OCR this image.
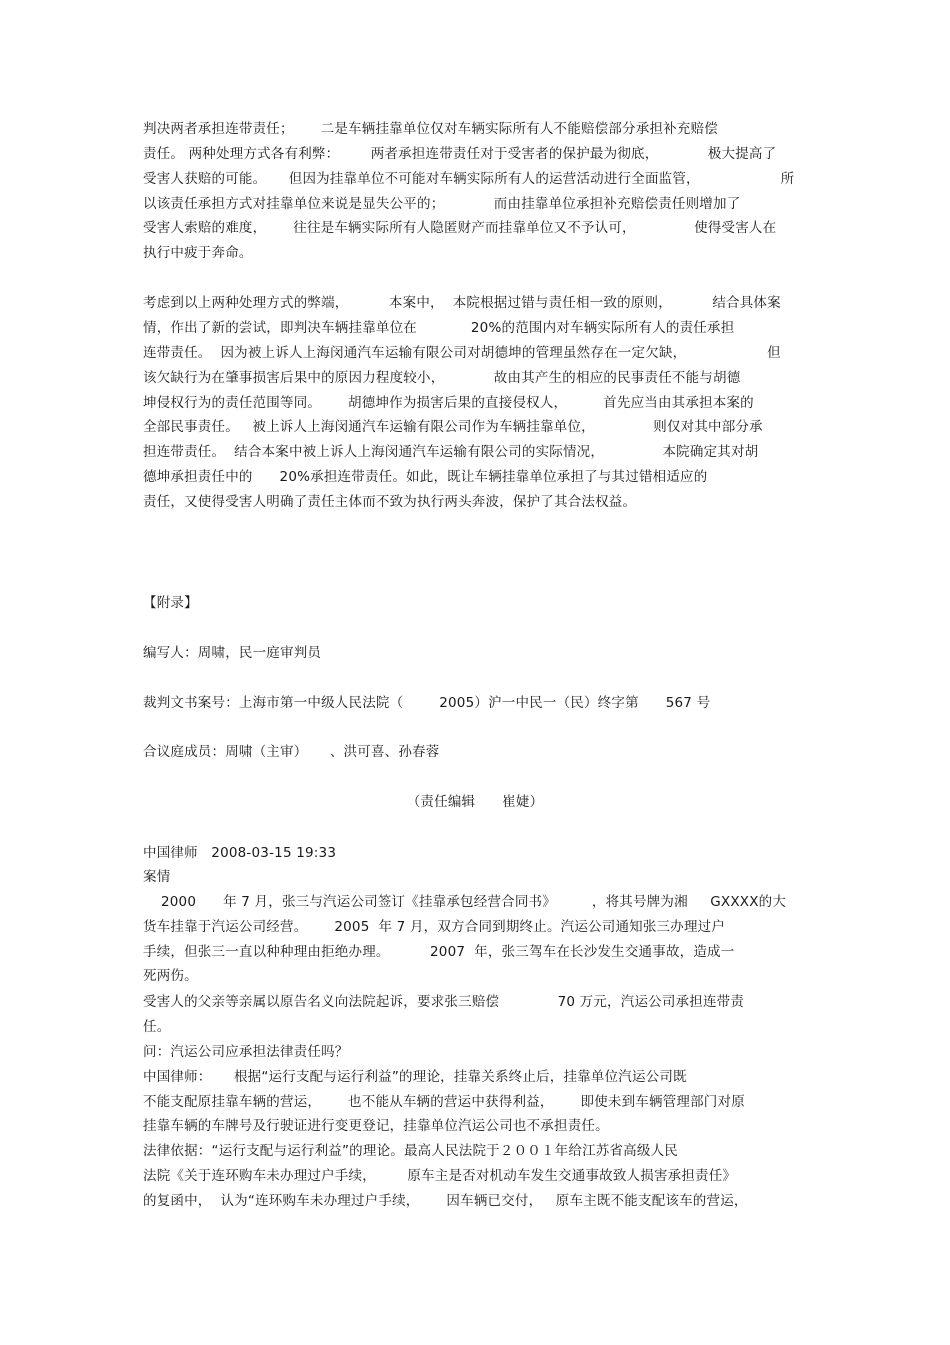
判决两者承担连带责任；      二是车辆挂靠单位仅对车辆实际所有人不能赔偿部分承担补充赔偿
责任。 两种处理方式各有利弊：       两者承担连带责任对于受害者的保护最为彻底，           极大提高了
受害人获赔的可能。     但因为挂靠单位不可能对车辆实际所有人的运营活动进行全面监管，                  所
以该责任承担方式对挂靠单位来说是显失公平的；           而由挂靠单位承担补充赔偿责任则增加了
受害人索赔的难度，      往往是车辆实际所有人隐匿财产而挂靠单位又不予认可，             使得受害人在
执行中疲于奔命。
考虑到以上两种处理方式的弊端，         本案中，  本院根据过错与责任相一致的原则，         结合具体案
情，作出了新的尝试，即判决车辆挂靠单位在            20%的范围内对车辆实际所有人的责任承担
连带责任。  因为被上诉人上海闵通汽车运输有限公司对胡德坤的管理虽然存在一定欠缺，                  但
该欠缺行为在肇事损害后果中的原因力程度较小，           故由其产生的相应的民事责任不能与胡德
坤侵权行为的责任范围等同。      胡德坤作为损害后果的直接侵权人，        首先应当由其承担本案的
全部民事责任。   被上诉人上海闵通汽车运输有限公司作为车辆挂靠单位，             则仅对其中部分承
担连带责任。  结合本案中被上诉人上海闵通汽车运输有限公司的实际情况，             本院确定其对胡
德坤承担责任中的      20%承担连带责任。如此，既让车辆挂靠单位承担了与其过错相适应的
责任，又使得受害人明确了责任主体而不致为执行两头奔波，保护了其合法权益。
【附录】
编写人：周啸，民一庭审判员
裁判文书案号：上海市第一中级人民法院（        2005）沪一中民一（民）终字第      567 号
合议庭成员：周啸（主审）     、洪可喜、孙春蓉
（责任编辑      崔婕）
中国律师   2008-03-15 19:33
案情
2000      年 7 月，张三与汽运公司签订《挂靠承包经营合同书》        ，将其号牌为湘     GXXXX的大
货车挂靠于汽运公司经营。      2005  年 7 月，双方合同到期终止。汽运公司通知张三办理过户
手续，但张三一直以种种理由拒绝办理。         2007  年，张三驾车在长沙发生交通事故，造成一
死两伤。
受害人的父亲等亲属以原告名义向法院起诉，要求张三赔偿             70 万元，汽运公司承担连带责
任。
问：汽运公司应承担法律责任吗？
中国律师：     根据“运行支配与运行利益”的理论，挂靠关系终止后，挂靠单位汽运公司既
不能支配原挂靠车辆的营运，      也不能从车辆的营运中获得利益，      即使未到车辆管理部门对原
挂靠车辆的车牌号及行驶证进行变更登记，挂靠单位汽运公司也不承担责任。
法律依据：“运行支配与运行利益”的理论。最高人民法院于２００１年给江苏省高级人民
法院《关于连环购车未办理过户手续，       原车主是否对机动车发生交通事故致人损害承担责任》
的复函中，  认为“连环购车未办理过户手续，      因车辆已交付，   原车主既不能支配该车的营运，
